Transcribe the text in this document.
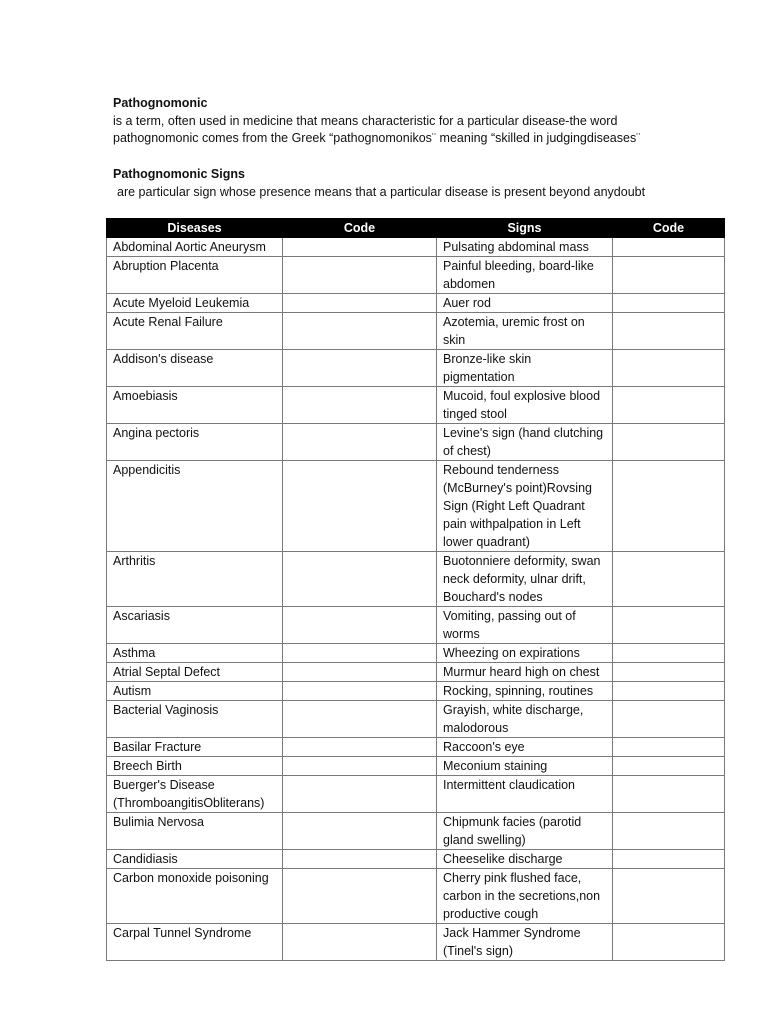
Pathognomonic
is a term, often used in medicine that means characteristic for a particular disease-the word
pathognomonic comes from the Greek “pathognomonikos¨ meaning “skilled in judgingdiseases¨
Pathognomonic Signs
are particular sign whose presence means that a particular disease is present beyond anydoubt
Diseases	Code	Signs	Code
Abdominal Aortic Aneurysm		Pulsating abdominal mass	
Abruption Placenta		Painful bleeding, board-like abdomen	
Acute Myeloid Leukemia		Auer rod	
Acute Renal Failure		Azotemia, uremic frost on skin	
Addison's disease		Bronze-like skin pigmentation	
Amoebiasis		Mucoid, foul explosive blood tinged stool	
Angina pectoris		Levine's sign (hand clutching of chest)	
Appendicitis		Rebound tenderness (McBurney's point)Rovsing Sign (Right Left Quadrant pain withpalpation in Left lower quadrant)	
Arthritis		Buotonniere deformity, swan neck deformity, ulnar drift, Bouchard's nodes	
Ascariasis		Vomiting, passing out of worms	
Asthma		Wheezing on expirations	
Atrial Septal Defect		Murmur heard high on chest	
Autism		Rocking, spinning, routines	
Bacterial Vaginosis		Grayish, white discharge, malodorous	
Basilar Fracture		Raccoon's eye	
Breech Birth		Meconium staining	
Buerger's Disease (ThromboangitisObliterans)		Intermittent claudication	
Bulimia Nervosa		Chipmunk facies (parotid gland swelling)	
Candidiasis		Cheeselike discharge	
Carbon monoxide poisoning		Cherry pink flushed face, carbon in the secretions,non productive cough	
Carpal Tunnel Syndrome		Jack Hammer Syndrome (Tinel's sign)	
